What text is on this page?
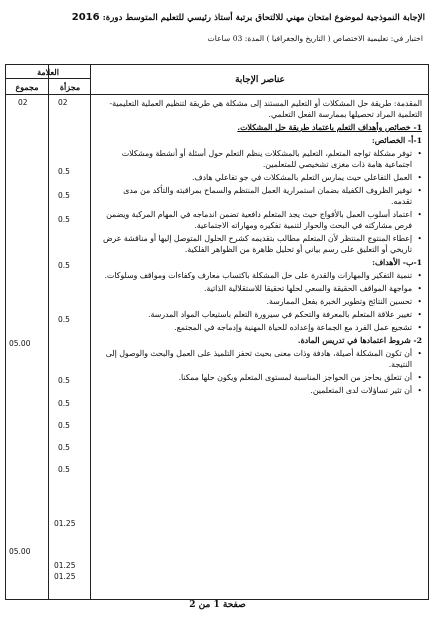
الإجابة النموذجية لموضوع امتحان مهني للالتحاق برتبة أستاذ رئيسي للتعليم المتوسط دورة: 2016
اختبار في: تعليمية الاختصاص ( التاريخ والجغرافيا ) المدة: 03 ساعات
العلامة
مجزأة
مجموع
عناصر الإجابة
02	02
0.5
0.5
0.5
0.5
0.5
05.00
0.5
0.5
0.5
0.5
0.5
01.25
05.00
01.25
01.25

المقدمة: طريقة حل المشكلات أو التعليم المستند إلى مشكلة هي طريقة لتنظيم العملية التعليمية-التعلمية المراد تحصيلها بممارسة الفعل التعلمي.

1- خصائص وأهداف التعلم باعتماد طريقة حل المشكلات.

1-أ- الخصائص:

• توفر مشكلة تواجه المتعلم، التعليم بالمشكلات ينظم التعلم حول أسئلة أو أنشطة ومشكلات اجتماعية هامة ذات مغزى تشخيصي للمتعلمين.

• العمل التفاعلي حيث يمارس التعلم بالمشكلات في جو تفاعلي هادف.

• توفير الظروف الكفيلة بضمان استمرارية العمل المنتظم والسماح بمراقبته والتأكد من مدى تقدمه.

• اعتماد أسلوب العمل بالأفواج حيث يجد المتعلم دافعية تضمن اندماجه في المهام المركبة ويضمن فرص مشاركته في البحث والحوار لتنمية تفكيره ومهاراته الاجتماعية.

• إعطاء المنتوج المنتظر لأن المتعلم مطالب بتقديمه كشرح الحلول المتوصل إليها أو مناقشة عرض تاريخي أو التعليق على رسم بياني أو تحليل ظاهرة من الظواهر الفلكية.

1-ب- الأهداف:

• تنمية التفكير والمهارات والقدرة على حل المشكلة باكتساب معارف وكفاءات ومواقف وسلوكات.

• مواجهة المواقف الحقيقة والسعي لحلها تحقيقا للاستقلالية الذاتية.

• تحسين النتائج وتطوير الخبرة بفعل الممارسة.

• تغيير علاقة المتعلم بالمعرفة والتحكم في سيرورة التعلم باستيعاب المواد المدرسة.

• تشجيع عمل الفرد مع الجماعة وإعداده للحياة المهنية وإدماجه في المجتمع.

2- شروط اعتمادها في تدريس المادة.

• أن تكون المشكلة أصيلة، هادفة وذات معنى بحيث تحفز التلميذ على العمل والبحث والوصول إلى النتيجة.

• أن تتعلق بحاجز من الحواجز المناسبة لمستوى المتعلم ويكون حلها ممكنا.

• أن تثير تساؤلات لدى المتعلمين.

صفحة 1 من 2
